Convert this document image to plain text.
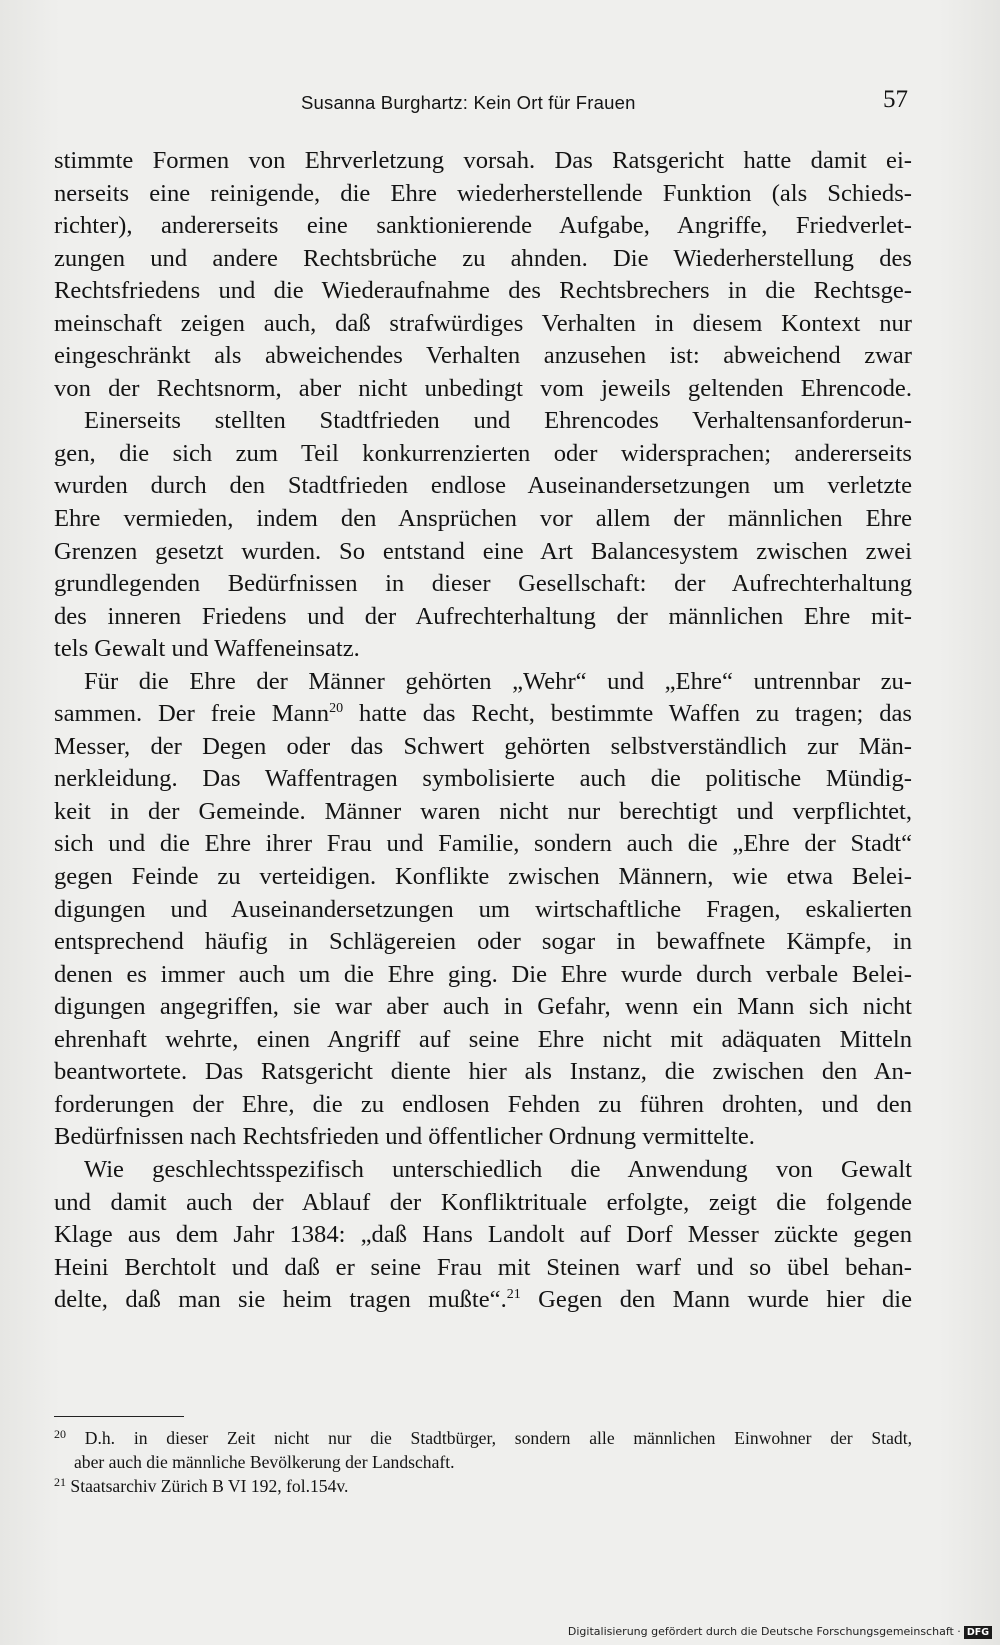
Susanna Burghartz: Kein Ort für Frauen	57
stimmte Formen von Ehrverletzung vorsah. Das Ratsgericht hatte damit ei-
nerseits eine reinigende, die Ehre wiederherstellende Funktion (als Schieds-
richter), andererseits eine sanktionierende Aufgabe, Angriffe, Friedverlet-
zungen und andere Rechtsbrüche zu ahnden. Die Wiederherstellung des
Rechtsfriedens und die Wiederaufnahme des Rechtsbrechers in die Rechtsge-
meinschaft zeigen auch, daß strafwürdiges Verhalten in diesem Kontext nur
eingeschränkt als abweichendes Verhalten anzusehen ist: abweichend zwar
von der Rechtsnorm, aber nicht unbedingt vom jeweils geltenden Ehrencode.
Einerseits stellten Stadtfrieden und Ehrencodes Verhaltensanforderun-
gen, die sich zum Teil konkurrenzierten oder widersprachen; andererseits
wurden durch den Stadtfrieden endlose Auseinandersetzungen um verletzte
Ehre vermieden, indem den Ansprüchen vor allem der männlichen Ehre
Grenzen gesetzt wurden. So entstand eine Art Balancesystem zwischen zwei
grundlegenden Bedürfnissen in dieser Gesellschaft: der Aufrechterhaltung
des inneren Friedens und der Aufrechterhaltung der männlichen Ehre mit-
tels Gewalt und Waffeneinsatz.
Für die Ehre der Männer gehörten „Wehr“ und „Ehre“ untrennbar zu-
sammen. Der freie Mann$^{20}$ hatte das Recht, bestimmte Waffen zu tragen; das
Messer, der Degen oder das Schwert gehörten selbstverständlich zur Män-
nerkleidung. Das Waffentragen symbolisierte auch die politische Mündig-
keit in der Gemeinde. Männer waren nicht nur berechtigt und verpflichtet,
sich und die Ehre ihrer Frau und Familie, sondern auch die „Ehre der Stadt“
gegen Feinde zu verteidigen. Konflikte zwischen Männern, wie etwa Belei-
digungen und Auseinandersetzungen um wirtschaftliche Fragen, eskalierten
entsprechend häufig in Schlägereien oder sogar in bewaffnete Kämpfe, in
denen es immer auch um die Ehre ging. Die Ehre wurde durch verbale Belei-
digungen angegriffen, sie war aber auch in Gefahr, wenn ein Mann sich nicht
ehrenhaft wehrte, einen Angriff auf seine Ehre nicht mit adäquaten Mitteln
beantwortete. Das Ratsgericht diente hier als Instanz, die zwischen den An-
forderungen der Ehre, die zu endlosen Fehden zu führen drohten, und den
Bedürfnissen nach Rechtsfrieden und öffentlicher Ordnung vermittelte.
Wie geschlechtsspezifisch unterschiedlich die Anwendung von Gewalt
und damit auch der Ablauf der Konfliktrituale erfolgte, zeigt die folgende
Klage aus dem Jahr 1384: „daß Hans Landolt auf Dorf Messer zückte gegen
Heini Berchtolt und daß er seine Frau mit Steinen warf und so übel behan-
delte, daß man sie heim tragen mußte“.$^{21}$ Gegen den Mann wurde hier die
$^{20}$ D.h. in dieser Zeit nicht nur die Stadtbürger, sondern alle männlichen Einwohner der Stadt,
aber auch die männliche Bevölkerung der Landschaft.
$^{21}$ Staatsarchiv Zürich B VI 192, fol.154v.
Digitalisierung gefördert durch die Deutsche Forschungsgemeinschaft · DFG
